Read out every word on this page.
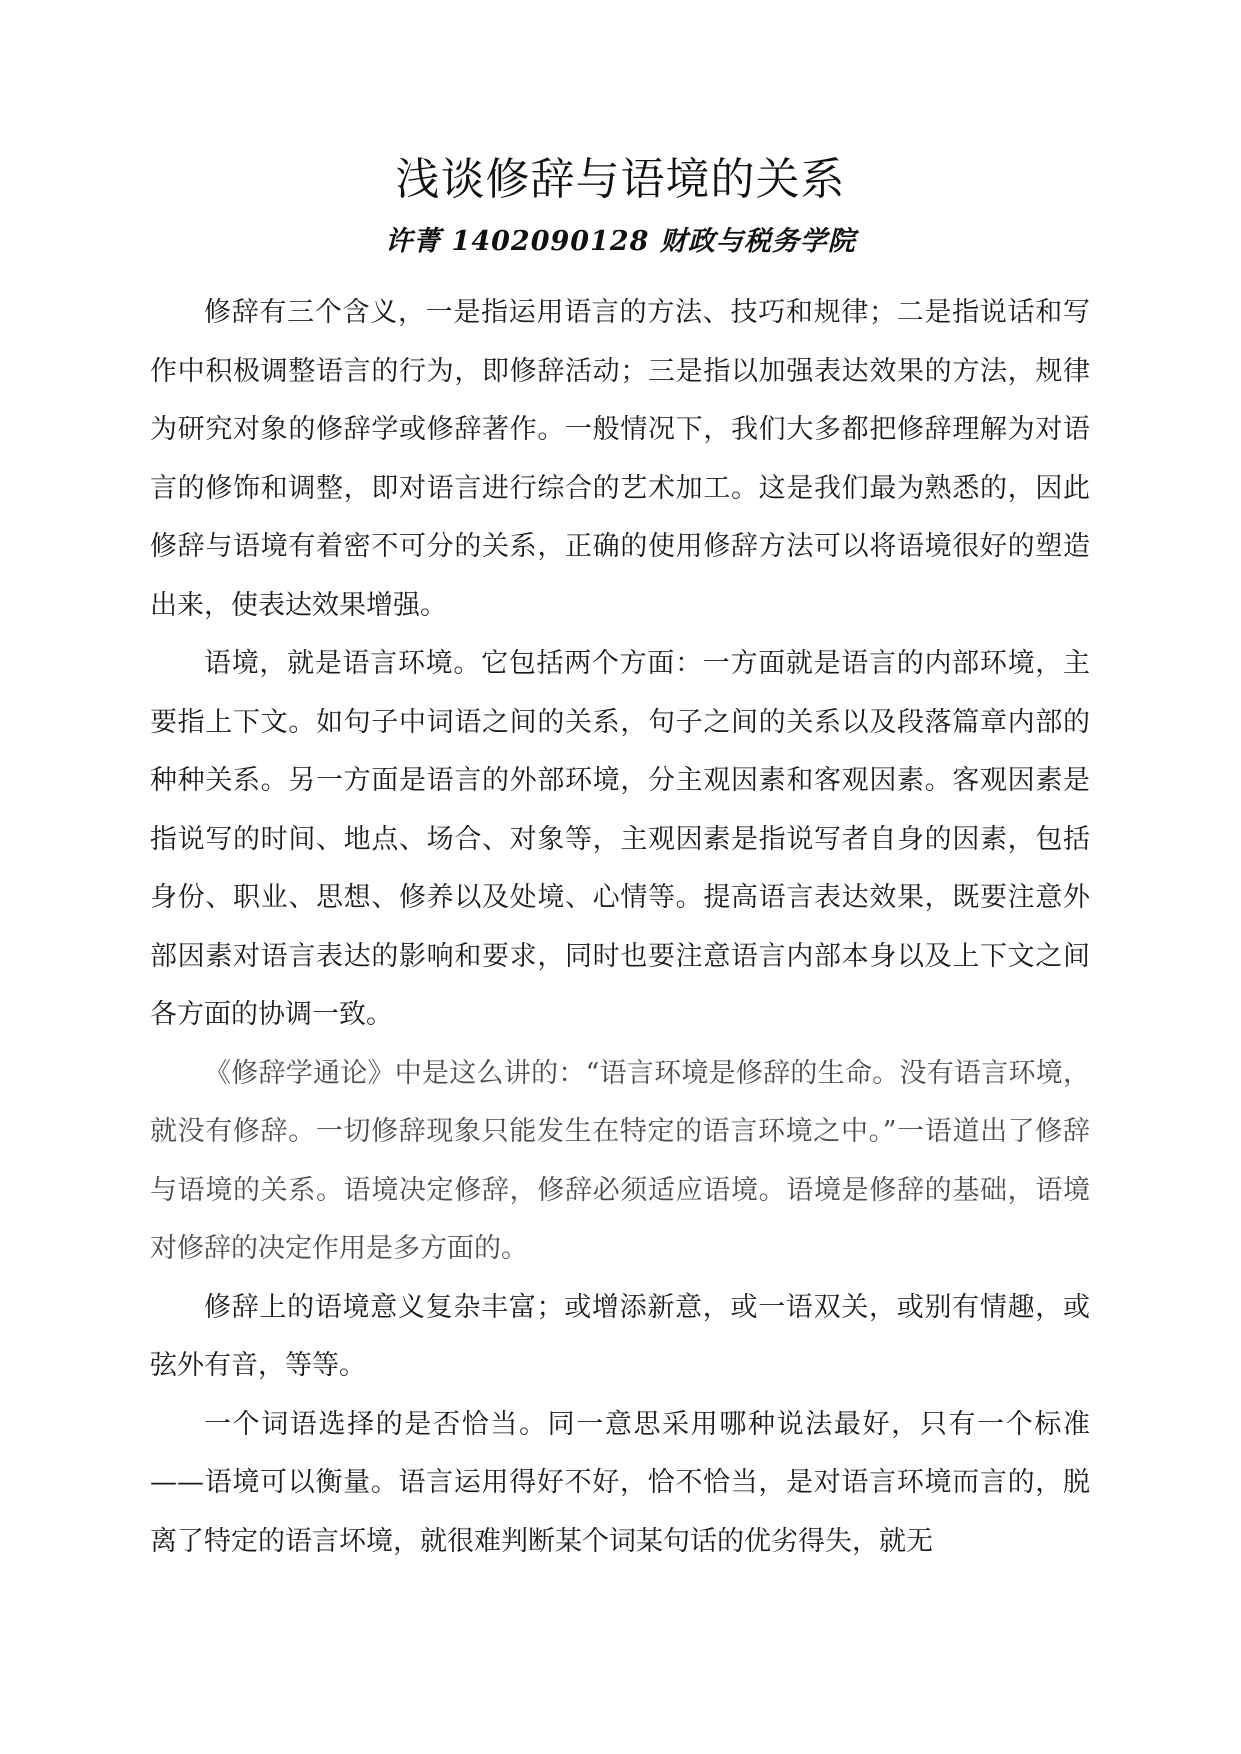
浅谈修辞与语境的关系
许菁 1402090128 财政与税务学院

修辞有三个含义，一是指运用语言的方法、技巧和规律；二是指说话和写作中积极调整语言的行为，即修辞活动；三是指以加强表达效果的方法，规律为研究对象的修辞学或修辞著作。一般情况下，我们大多都把修辞理解为对语言的修饰和调整，即对语言进行综合的艺术加工。这是我们最为熟悉的，因此修辞与语境有着密不可分的关系，正确的使用修辞方法可以将语境很好的塑造出来，使表达效果增强。

语境，就是语言环境。它包括两个方面：一方面就是语言的内部环境，主要指上下文。如句子中词语之间的关系，句子之间的关系以及段落篇章内部的种种关系。另一方面是语言的外部环境，分主观因素和客观因素。客观因素是指说写的时间、地点、场合、对象等，主观因素是指说写者自身的因素，包括身份、职业、思想、修养以及处境、心情等。提高语言表达效果，既要注意外部因素对语言表达的影响和要求，同时也要注意语言内部本身以及上下文之间各方面的协调一致。

《修辞学通论》中是这么讲的：“语言环境是修辞的生命。没有语言环境，就没有修辞。一切修辞现象只能发生在特定的语言环境之中。”一语道出了修辞与语境的关系。语境决定修辞，修辞必须适应语境。语境是修辞的基础，语境对修辞的决定作用是多方面的。

修辞上的语境意义复杂丰富；或增添新意，或一语双关，或别有情趣，或弦外有音，等等。

一个词语选择的是否恰当。同一意思采用哪种说法最好，只有一个标准——语境可以衡量。语言运用得好不好，恰不恰当，是对语言环境而言的，脱离了特定的语言坏境，就很难判断某个词某句话的优劣得失，就无
